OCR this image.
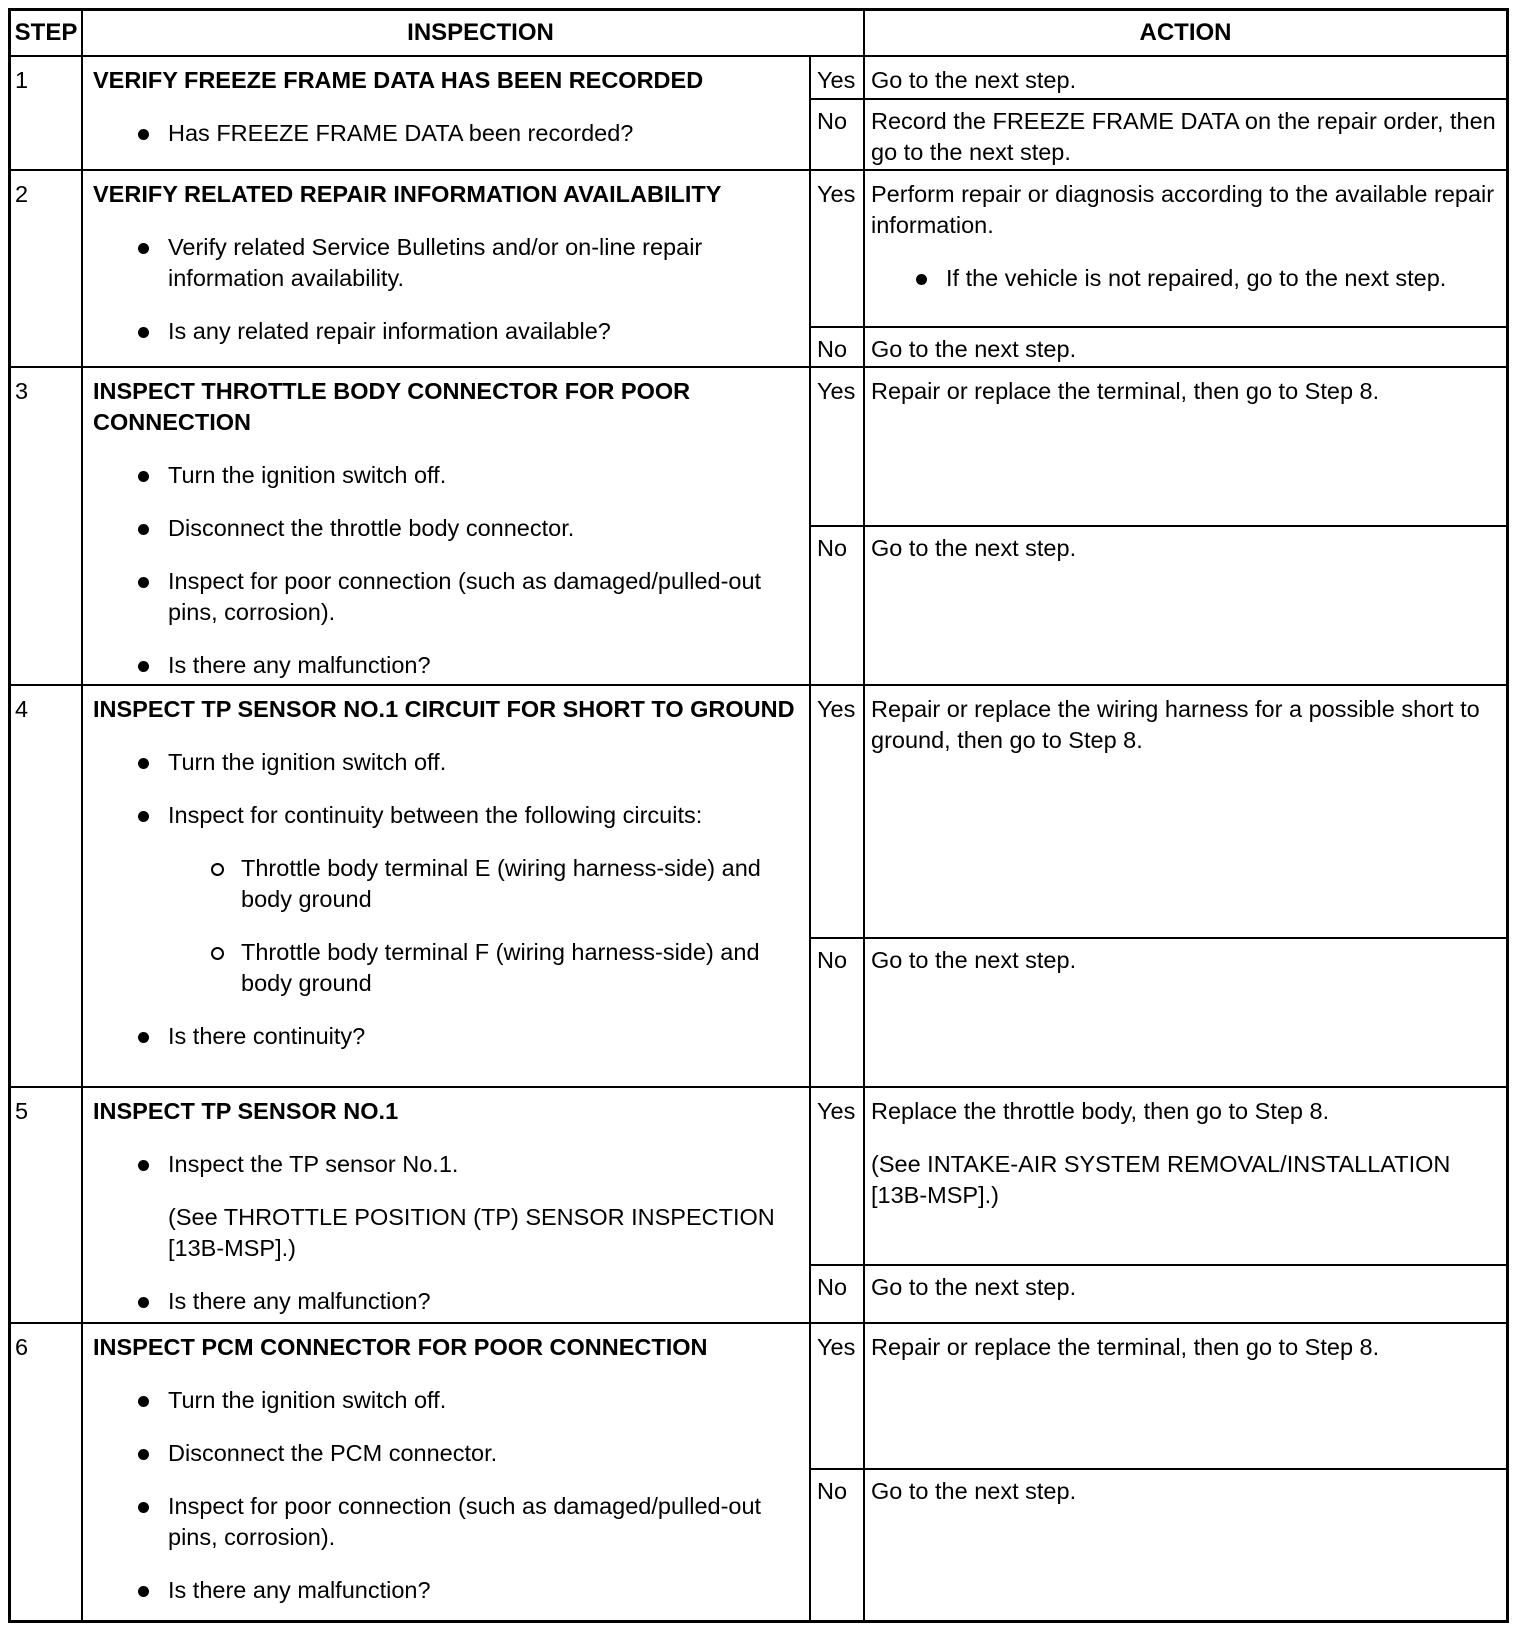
STEP	INSPECTION	ACTION
1	VERIFY FREEZE FRAME DATA HAS BEEN RECORDED
Has FREEZE FRAME DATA been recorded?
Yes Go to the next step.

No Record the FREEZE FRAME DATA on the repair order, then go to the next step.

2	VERIFY RELATED REPAIR INFORMATION AVAILABILITY
Verify related Service Bulletins and/or on-line repair information availability.
Is any related repair information available?
Yes Perform repair or diagnosis according to the available repair information.

If the vehicle is not repaired, go to the next step.
No Go to the next step.

3	INSPECT THROTTLE BODY CONNECTOR FOR POOR CONNECTION
Turn the ignition switch off.
Disconnect the throttle body connector.
Inspect for poor connection (such as damaged/pulled-out pins, corrosion).
Is there any malfunction?
Yes Repair or replace the terminal, then go to Step 8.

No Go to the next step.

4	INSPECT TP SENSOR NO.1 CIRCUIT FOR SHORT TO GROUND
Turn the ignition switch off.
Inspect for continuity between the following circuits:
Throttle body terminal E (wiring harness-side) and body ground
Throttle body terminal F (wiring harness-side) and body ground
Is there continuity?
Yes Repair or replace the wiring harness for a possible short to ground, then go to Step 8.

No Go to the next step.

5	INSPECT TP SENSOR NO.1
Inspect the TP sensor No.1.
(See THROTTLE POSITION (TP) SENSOR INSPECTION [13B-MSP].)
Is there any malfunction?
Yes Replace the throttle body, then go to Step 8.

(See INTAKE-AIR SYSTEM REMOVAL/INSTALLATION [13B-MSP].)

No Go to the next step.

6	INSPECT PCM CONNECTOR FOR POOR CONNECTION
Turn the ignition switch off.
Disconnect the PCM connector.
Inspect for poor connection (such as damaged/pulled-out pins, corrosion).
Is there any malfunction?
Yes Repair or replace the terminal, then go to Step 8.

No Go to the next step.
